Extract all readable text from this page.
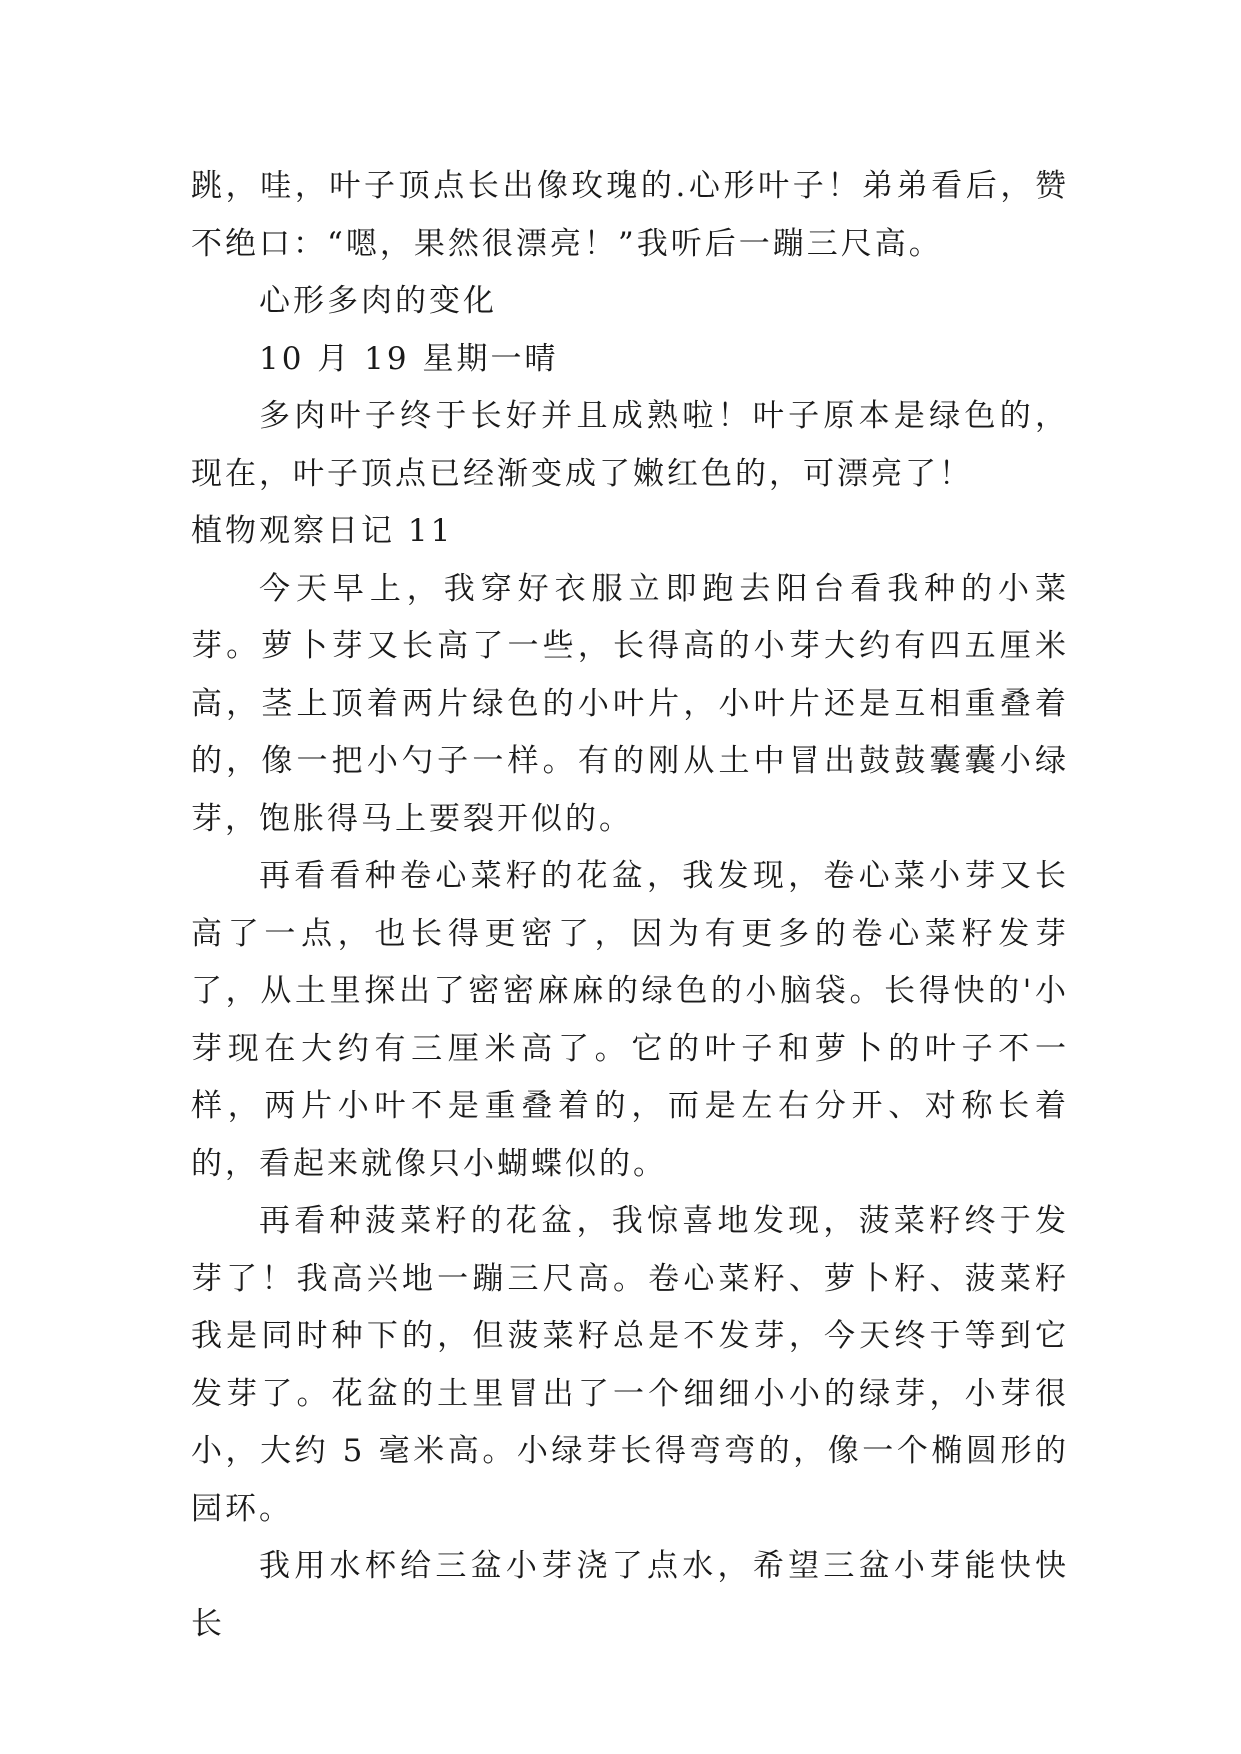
跳，哇，叶子顶点长出像玫瑰的.心形叶子！弟弟看后，赞不绝口：“嗯，果然很漂亮！”我听后一蹦三尺高。

心形多肉的变化

10 月 19 星期一晴

多肉叶子终于长好并且成熟啦！叶子原本是绿色的，现在，叶子顶点已经渐变成了嫩红色的，可漂亮了！

植物观察日记 11

今天早上，我穿好衣服立即跑去阳台看我种的小菜芽。萝卜芽又长高了一些，长得高的小芽大约有四五厘米高，茎上顶着两片绿色的小叶片，小叶片还是互相重叠着的，像一把小勺子一样。有的刚从土中冒出鼓鼓囊囊小绿芽，饱胀得马上要裂开似的。

再看看种卷心菜籽的花盆，我发现，卷心菜小芽又长高了一点，也长得更密了，因为有更多的卷心菜籽发芽了，从土里探出了密密麻麻的绿色的小脑袋。长得快的'小芽现在大约有三厘米高了。它的叶子和萝卜的叶子不一样，两片小叶不是重叠着的，而是左右分开、对称长着的，看起来就像只小蝴蝶似的。

再看种菠菜籽的花盆，我惊喜地发现，菠菜籽终于发芽了！我高兴地一蹦三尺高。卷心菜籽、萝卜籽、菠菜籽我是同时种下的，但菠菜籽总是不发芽，今天终于等到它发芽了。花盆的土里冒出了一个细细小小的绿芽，小芽很小，大约 5 毫米高。小绿芽长得弯弯的，像一个椭圆形的园环。

我用水杯给三盆小芽浇了点水，希望三盆小芽能快快长
